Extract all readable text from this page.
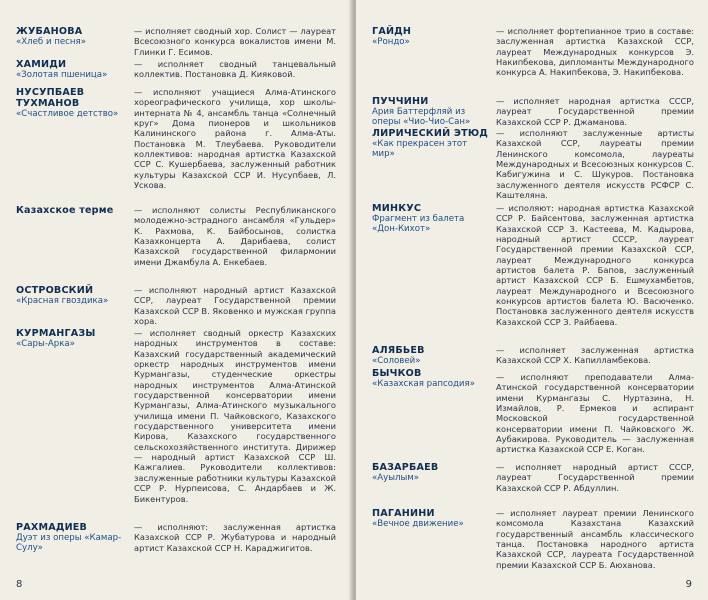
ЖУБАНОВА
«Хлеб и песня»
— исполняет сводный хор. Солист — лауреат Всесоюзного конкурса вокалистов имени М. Глинки Г. Есимов.
ХАМИДИ
«Золотая пшеница»
— исполняет сводный танцевальный коллектив. Постановка Д. Кияковой.
НУСУПБАЕВ ТУХМАНОВ
«Счастливое детство»
— исполняют учащиеся Алма-Атинского хореографического училища, хор школы-интерната № 4, ансамбль танца «Солнечный круг» Дома пионеров и школьников Калининского района г. Алма-Аты. Постановка М. Тлеубаева. Руководители коллективов: народная артистка Казахской ССР С. Кушербаева, заслуженный работник культуры Казахской ССР И. Нусупбаев, Л. Ускова.
Казахское терме	— исполняют солисты Республиканского молодежно-эстрадного ансамбля «Гульдер» К. Рахмова, К. Байбосынов, солистка Казахконцерта А. Дарибаева, солист Казахской государственной филармонии имени Джамбула А. Енкебаев.
ОСТРОВСКИЙ
«Красная гвоздика»
— исполняют народный артист Казахской ССР, лауреат Государственной премии Казахской ССР В. Яковенко и мужская группа хора.
КУРМАНГАЗЫ
«Сары-Арка»
— исполняет сводный оркестр Казахских народных инструментов в составе: Казахский государственный академический оркестр народных инструментов имени Курмангазы, студенческие оркестры народных инструментов Алма-Атинской государственной консерватории имени Курмангазы, Алма-Атинского музыкального училища имени П. Чайковского, Казахского государственного университета имени Кирова, Казахского государственного сельскохозяйственного института. Дирижер — народный артист Казахской ССР Ш. Кажгалиев. Руководители коллективов: заслуженные работники культуры Казахской ССР Р. Нурпеисова, С. Андарбаев и Ж. Бикентуров.
РАХМАДИЕВ
Дуэт из оперы «Камар-Сулу»
— исполняют: заслуженная артистка Казахской ССР Р. Жубатурова и народный артист Казахской ССР Н. Караджигитов.
8
ГАЙДН
«Рондо»
— исполняет фортепианное трио в составе: заслуженная артистка Казахской ССР, лауреат Международных конкурсов Э. Накипбекова, дипломанты Международного конкурса А. Накипбекова, Э. Накипбекова.
ПУЧЧИНИ
Ария Баттерфляй из оперы «Чио-Чио-Сан»
— исполняет народная артистка СССР, лауреат Государственной премии Казахской ССР Р. Джаманова.
ЛИРИЧЕСКИЙ ЭТЮД
«Как прекрасен этот мир»
— исполняют заслуженные артисты Казахской ССР, лауреаты премии Ленинского комсомола, лауреаты Международных и Всесоюзных конкурсов С. Кабигужина и С. Шукуров. Постановка заслуженного деятеля искусств РСФСР С. Каштеляна.
МИНКУС
Фрагмент из балета «Дон-Кихот»
— исполяют: народная артистка Казахской ССР Р. Байсентова, заслуженная артистка Казахской ССР З. Кастеева, М. Кадырова, народный артист СССР, лауреат Государственной премии Казахской ССР, лауреат Международного конкурса артистов балета Р. Бапов, заслуженный артист Казахской ССР Б. Ешмухамбетов, лауреат Международного и Всесоюзного конкурсов артистов балета Ю. Васюченко. Постановка заслуженного деятеля искусств Казахской ССР З. Райбаева.
АЛЯБЬЕВ
«Соловей»
— исполняет заслуженная артистка Казахской ССР Х. Капилламбекова.
БЫЧКОВ
«Казахская рапсодия»
— исполняют преподаватели Алма-Атинской государственной консерватории имени Курмангазы С. Нуртазина, Н. Измайлов, Р. Ермеков и аспирант Московской государственной консерватории имени П. Чайковского Ж. Аубакирова. Руководитель — заслуженная артистка Казахской ССР Е. Коган.
БАЗАРБАЕВ
«Ауылым»
— исполняет народный артист СССР, лауреат Государственной премии Казахской ССР Р. Абдуллин.
ПАГАНИНИ
«Вечное движение»
— исполняет лауреат премии Ленинского комсомола Казахстана Казахский государственный ансамбль классического танца. Постановка народного артиста Казахской ССР, лауреата Государственной премии Казахской ССР Б. Аюханова.
9
